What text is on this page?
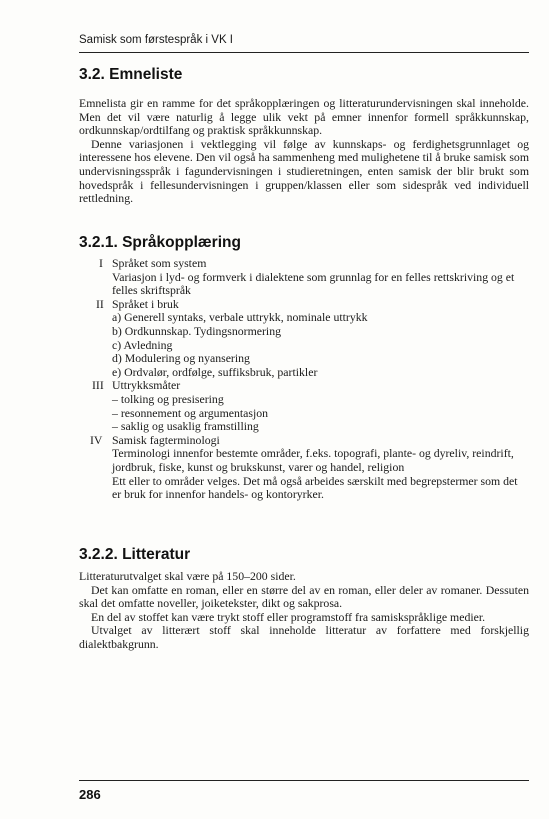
Samisk som førstespråk i VK I
3.2. Emneliste

Emnelista gir en ramme for det språkopplæringen og litteraturundervisningen skal inneholde. Men det vil være naturlig å legge ulik vekt på emner innenfor formell språkkunnskap, ordkunnskap/ordtilfang og praktisk språkkunnskap.

Denne variasjonen i vektlegging vil følge av kunnskaps- og ferdighetsgrunnlaget og interessene hos elevene. Den vil også ha sammenheng med mulighetene til å bruke samisk som undervisningsspråk i fagundervisningen i studieretningen, enten samisk der blir brukt som hovedspråk i fellesundervisningen i gruppen/klassen eller som sidespråk ved individuell rettledning.

3.2.1. Språkopplæring
I Språket som system
Variasjon i lyd- og formverk i dialektene som grunnlag for en felles rettskriving og et felles skriftspråk
II Språket i bruk
a) Generell syntaks, verbale uttrykk, nominale uttrykk
b) Ordkunnskap. Tydingsnormering
c) Avledning
d) Modulering og nyansering
e) Ordvalør, ordfølge, suffiksbruk, partikler
III Uttrykksmåter
– tolking og presisering
– resonnement og argumentasjon
– saklig og usaklig framstilling
IV Samisk fagterminologi
Terminologi innenfor bestemte områder, f.eks. topografi, plante- og dyreliv, reindrift, jordbruk, fiske, kunst og brukskunst, varer og handel, religion
Ett eller to områder velges. Det må også arbeides særskilt med begrepstermer som det er bruk for innenfor handels- og kontoryrker.
3.2.2. Litteratur

Litteraturutvalget skal være på 150–200 sider.

Det kan omfatte en roman, eller en større del av en roman, eller deler av romaner. Dessuten skal det omfatte noveller, joiketekster, dikt og sakprosa.

En del av stoffet kan være trykt stoff eller programstoff fra samiskspråklige medier.

Utvalget av litterært stoff skal inneholde litteratur av forfattere med forskjellig dialektbakgrunn.

286
